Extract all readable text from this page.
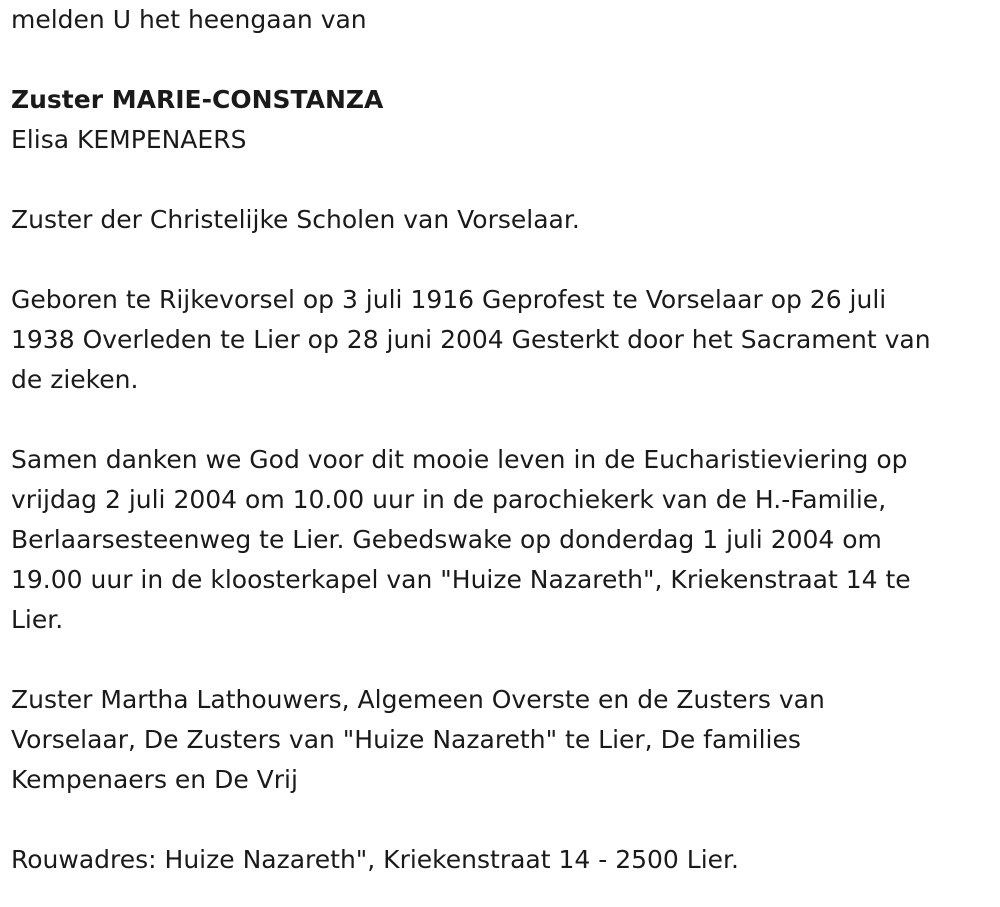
melden U het heengaan van

Zuster MARIE-CONSTANZA

Elisa KEMPENAERS

Zuster der Christelijke Scholen van Vorselaar.

Geboren te Rijkevorsel op 3 juli 1916 Geprofest te Vorselaar op 26 juli

1938 Overleden te Lier op 28 juni 2004 Gesterkt door het Sacrament van

de zieken.

Samen danken we God voor dit mooie leven in de Eucharistieviering op

vrijdag 2 juli 2004 om 10.00 uur in de parochiekerk van de H.-Familie,

Berlaarsesteenweg te Lier. Gebedswake op donderdag 1 juli 2004 om

19.00 uur in de kloosterkapel van "Huize Nazareth", Kriekenstraat 14 te

Lier.

Zuster Martha Lathouwers, Algemeen Overste en de Zusters van

Vorselaar, De Zusters van "Huize Nazareth" te Lier, De families

Kempenaers en De Vrij

Rouwadres: Huize Nazareth", Kriekenstraat 14 - 2500 Lier.
